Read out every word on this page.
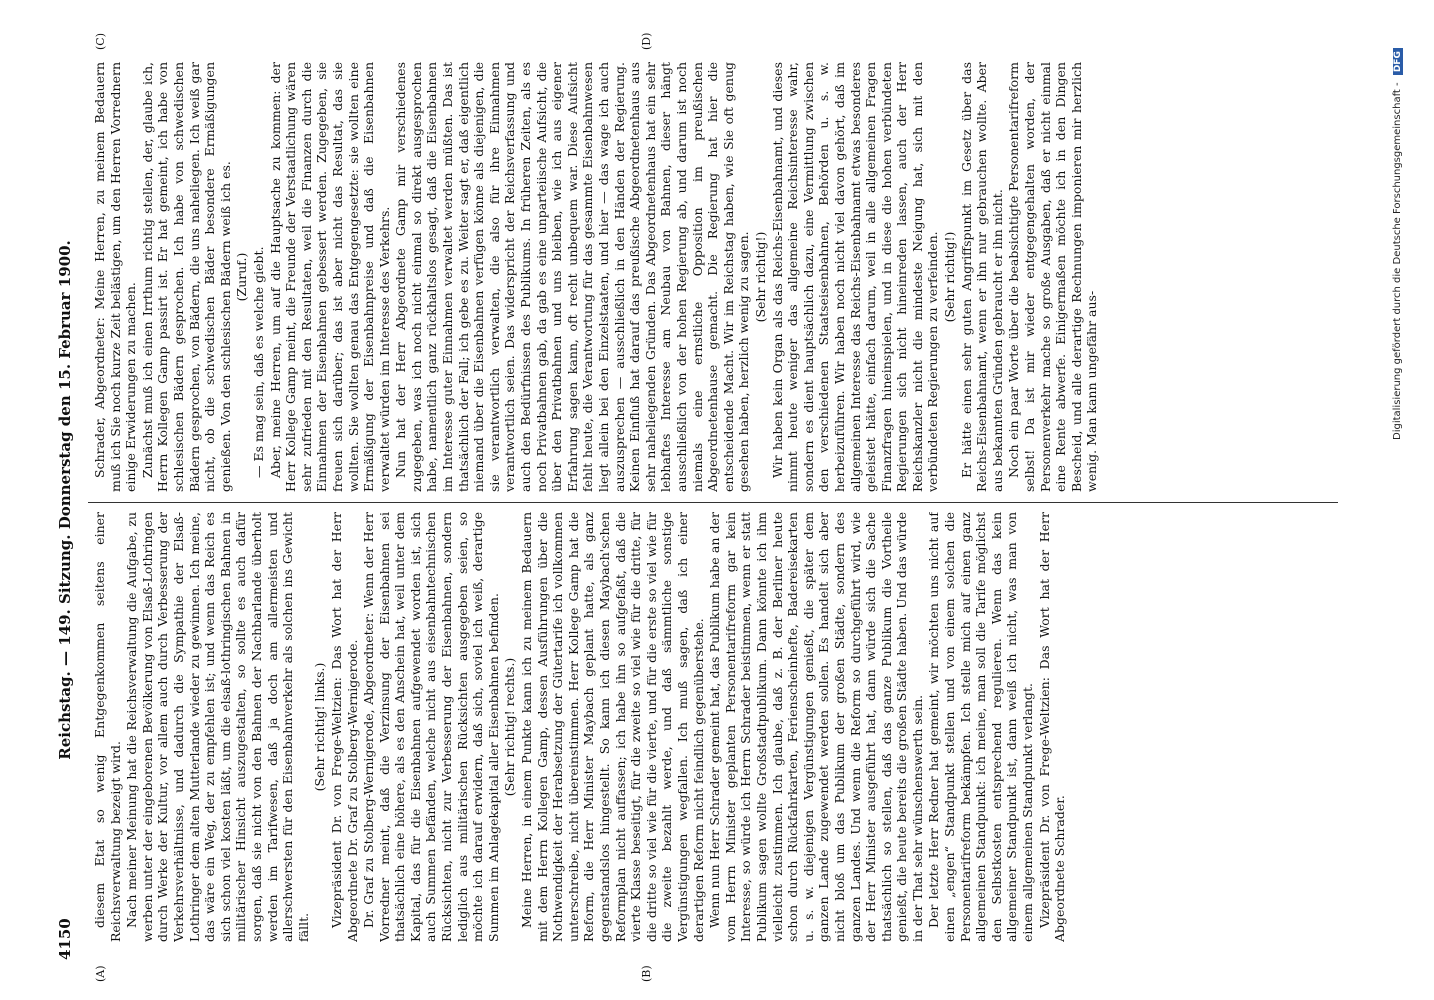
4150
Reichstag. — 149. Sitzung. Donnerstag den 15. Februar 1900.
(A)	(B)
(C)	(D)

diesem Etat so wenig Entgegenkommen seitens einer Reichsverwaltung bezeigt wird. Nach meiner Meinung hat die Reichsverwaltung die Aufgabe, zu werben unter der eingeborenen Bevölkerung von Elsaß-Lothringen durch Werke der Kultur, vor allem auch durch Verbesserung der Verkehrsverhältnisse, und dadurch die Sympathie der Elsaß-Lothringer dem alten Mutterlande wieder zu gewinnen. Ich meine, das wäre ein Weg, der zu empfehlen ist; und wenn das Reich es sich schon viel kosten läßt, um die elsaß-lothringischen Bahnen in militärischer Hinsicht auszugestalten, so sollte es auch dafür sorgen, daß sie nicht von den Bahnen der Nachbarlande überholt werden im Tarifwesen, daß ja doch am allermeisten und allerschwersten für den Eisenbahnverkehr als solchen ins Gewicht fällt.

(Sehr richtig! links.) Vizepräsident Dr. von Frege-Weltzien: Das Wort hat der Herr Abgeordnete Dr. Graf zu Stolberg-Wernigerode. Dr. Graf zu Stolberg-Wernigerode, Abgeordneter: Wenn der Herr Vorredner meint, daß die Verzinsung der Eisenbahnen sei thatsächlich eine höhere, als es den Anschein hat, weil unter dem Kapital, das für die Eisenbahnen aufgewendet worden ist, sich auch Summen befänden, welche nicht aus eisenbahntechnischen Rücksichten, nicht zur Verbesserung der Eisenbahnen, sondern lediglich aus militärischen Rücksichten ausgegeben seien, so möchte ich darauf erwidern, daß sich, soviel ich weiß, derartige Summen im Anlagekapital aller Eisenbahnen befinden. (Sehr richtig! rechts.) Meine Herren, in einem Punkte kann ich zu meinem Bedauern mit dem Herrn Kollegen Gamp, dessen Ausführungen über die Nothwendigkeit der Herabsetzung der Gütertarife ich vollkommen unterschreibe, nicht übereinstimmen. Herr Kollege Gamp hat die Reform, die Herr Minister Maybach geplant hatte, als ganz gegenstandslos hingestellt. So kann ich diesen Maybach'schen Reformplan nicht auffassen; ich habe ihn so aufgefaßt, daß die vierte Klasse beseitigt, für die zweite so viel wie für die dritte, für die dritte so viel wie für die vierte, und für die erste so viel wie für die zweite bezahlt werde, und daß sämmtliche sonstige Vergünstigungen wegfallen. Ich muß sagen, daß ich einer derartigen Reform nicht feindlich gegenüberstehe. Wenn nun Herr Schrader gemeint hat, das Publikum habe an der vom Herrn Minister geplanten Personentarifreform gar kein Interesse, so würde ich Herrn Schrader beistimmen, wenn er statt Publikum sagen wollte Großstadtpublikum. Dann könnte ich ihm vielleicht zustimmen. Ich glaube, daß z. B. der Berliner heute schon durch Rückfahrkarten, Ferienscheinhefte, Badereisekarten u. s. w. diejenigen Vergünstigungen genießt, die später dem ganzen Lande zugewendet werden sollen. Es handelt sich aber nicht bloß um das Publikum der großen Städte, sondern des ganzen Landes. Und wenn die Reform so durchgeführt wird, wie der Herr Minister ausgeführt hat, dann würde sich die Sache thatsächlich so stellen, daß das ganze Publikum die Vortheile genießt, die heute bereits die großen Städte haben. Und das würde in der That sehr wünschenswerth sein. Der letzte Herr Redner hat gemeint, wir möchten uns nicht auf einen „engen“ Standpunkt stellen und von einem solchen die Personentarifreform bekämpfen. Ich stelle mich auf einen ganz allgemeinen Standpunkt: ich meine, man soll die Tarife möglichst den Selbstkosten entsprechend regulieren. Wenn das kein allgemeiner Standpunkt ist, dann weiß ich nicht, was man von einem allgemeinen Standpunkt verlangt. Vizepräsident Dr. von Frege-Weltzien: Das Wort hat der Herr Abgeordnete Schrader.

Schrader, Abgeordneter: Meine Herren, zu meinem Bedauern muß ich Sie noch kurze Zeit belästigen, um den Herren Vorrednern einige Erwiderungen zu machen. Zunächst muß ich einen Irrthum richtig stellen, der, glaube ich, Herrn Kollegen Gamp passirt ist. Er hat gemeint, ich habe von schlesischen Bädern gesprochen. Ich habe von schwedischen Bädern gesprochen, von Bädern, die uns naheliegen. Ich weiß gar nicht, ob die schwedischen Bäder besondere Ermäßigungen genießen. Von den schlesischen Bädern weiß ich es. (Zuruf.) — Es mag sein, daß es welche giebt. Aber, meine Herren, um auf die Hauptsache zu kommen: der Herr Kollege Gamp meint, die Freunde der Verstaatlichung wären sehr zufrieden mit den Resultaten, weil die Finanzen durch die Einnahmen der Eisenbahnen gebessert werden. Zugegeben, sie freuen sich darüber; das ist aber nicht das Resultat, das sie wollten. Sie wollten genau das Entgegengesetzte: sie wollten eine Ermäßigung der Eisenbahnpreise und daß die Eisenbahnen verwaltet würden im Interesse des Verkehrs. Nun hat der Herr Abgeordnete Gamp mir verschiedenes zugegeben, was ich noch nicht einmal so direkt ausgesprochen habe, namentlich ganz rückhaltslos gesagt, daß die Eisenbahnen im Interesse guter Einnahmen verwaltet werden müßten. Das ist thatsächlich der Fall; ich gebe es zu. Weiter sagt er, daß eigentlich niemand über die Eisenbahnen verfügen könne als diejenigen, die sie verantwortlich verwalten, die also für ihre Einnahmen verantwortlich seien. Das widerspricht der Reichsverfassung und auch den Bedürfnissen des Publikums. In früheren Zeiten, als es noch Privatbahnen gab, da gab es eine unparteiische Aufsicht, die über den Privatbahnen und uns bleiben, wie ich aus eigener Erfahrung sagen kann, oft recht unbequem war. Diese Aufsicht fehlt heute, die Verantwortung für das gesammte Eisenbahnwesen liegt allein bei den Einzelstaaten, und hier — das wage ich auch auszusprechen — ausschließlich in den Händen der Regierung. Keinen Einfluß hat darauf das preußische Abgeordnetenhaus aus sehr naheliegenden Gründen. Das Abgeordnetenhaus hat ein sehr lebhaftes Interesse am Neubau von Bahnen, dieser hängt ausschließlich von der hohen Regierung ab, und darum ist noch niemals eine ernstliche Opposition im preußischen Abgeordnetenhause gemacht. Die Regierung hat hier die entscheidende Macht. Wir im Reichstag haben, wie Sie oft genug gesehen haben, herzlich wenig zu sagen. (Sehr richtig!) Wir haben kein Organ als das Reichs-Eisenbahnamt, und dieses nimmt heute weniger das allgemeine Reichsinteresse wahr, sondern es dient hauptsächlich dazu, eine Vermittlung zwischen den verschiedenen Staatseisenbahnen, Behörden u. s. w. herbeizuführen. Wir haben noch nicht viel davon gehört, daß im allgemeinen Interesse das Reichs-Eisenbahnamt etwas besonderes geleistet hätte, einfach darum, weil in alle allgemeinen Fragen Finanzfragen hineinspielen, und in diese die hohen verbündeten Regierungen sich nicht hineinreden lassen, auch der Herr Reichskanzler nicht die mindeste Neigung hat, sich mit den verbündeten Regierungen zu verfeinden. (Sehr richtig!) Er hätte einen sehr guten Angriffspunkt im Gesetz über das Reichs-Eisenbahnamt, wenn er ihn nur gebrauchen wollte. Aber aus bekannten Gründen gebraucht er ihn nicht. Noch ein paar Worte über die beabsichtigte Personentarifreform selbst! Da ist mir wieder entgegengehalten worden, der Personenverkehr mache so große Ausgaben, daß er nicht einmal eine Rente abwerfe. Einigermaßen möchte ich in den Dingen Bescheid, und alle derartige Rechnungen imponieren mir herzlich wenig. Man kann ungefähr aus-	Digitalisierung gefördert durch die Deutsche Forschungsgemeinschaft - DFG
